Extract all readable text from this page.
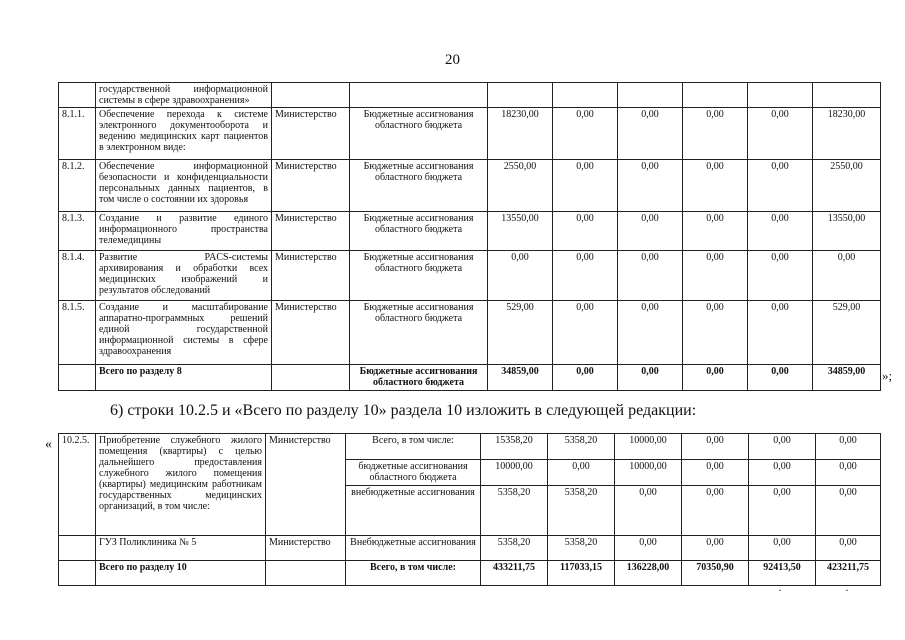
20
	государственной информационной системы в сфере здравоохранения»								
8.1.1.	Обеспечение перехода к системе электронного документооборота и ведению медицинских карт пациентов в электронном виде:	Министерство	Бюджетные ассигнования областного бюджета	18230,00	0,00	0,00	0,00	0,00	18230,00
8.1.2.	Обеспечение информационной безопасности и конфиденциальности персональных данных пациентов, в том числе о состоянии их здоровья	Министерство	Бюджетные ассигнования областного бюджета	2550,00	0,00	0,00	0,00	0,00	2550,00
8.1.3.	Создание и развитие единого информационного пространства телемедицины	Министерство	Бюджетные ассигнования областного бюджета	13550,00	0,00	0,00	0,00	0,00	13550,00
8.1.4.	Развитие PACS-системы архивирования и обработки всех медицинских изображений и результатов обследований	Министерство	Бюджетные ассигнования областного бюджета	0,00	0,00	0,00	0,00	0,00	0,00
8.1.5.	Создание и масштабирование аппаратно-программных решений единой государственной информационной системы в сфере здравоохранения	Министерство	Бюджетные ассигнования областного бюджета	529,00	0,00	0,00	0,00	0,00	529,00
	Всего по разделу 8		Бюджетные ассигнования областного бюджета	34859,00	0,00	0,00	0,00	0,00	34859,00 »;
6) строки 10.2.5 и «Всего по разделу 10» раздела 10 изложить в следующей редакции:
« 10.2.5.	Приобретение служебного жилого помещения (квартиры) с целью дальнейшего предоставления служебного жилого помещения (квартиры) медицинским работникам государственных медицинских организаций, в том числе:	Министерство	Всего, в том числе:	15358,20	5358,20	10000,00	0,00	0,00	0,00
			бюджетные ассигнования областного бюджета	10000,00	0,00	10000,00	0,00	0,00	0,00
			внебюджетные ассигнования	5358,20	5358,20	0,00	0,00	0,00	0,00
	ГУЗ Поликлиника № 5	Министерство	Внебюджетные ассигнования	5358,20	5358,20	0,00	0,00	0,00	0,00
	Всего по разделу 10		Всего, в том числе:	433211,75	117033,15	136228,00	70350,90	92413,50	423211,75
· ·
